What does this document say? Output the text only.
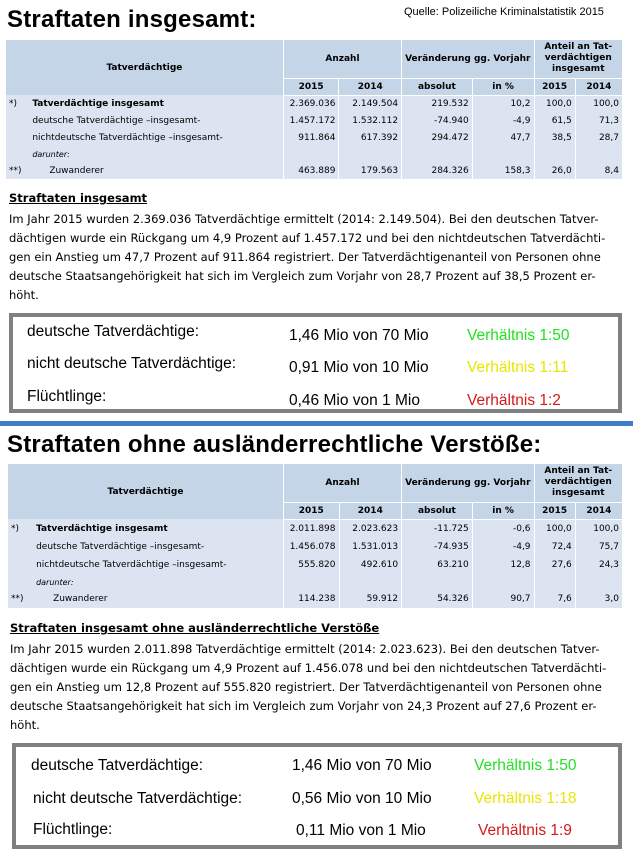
Straftaten insgesamt:	Quelle: Polizeiliche Kriminalstatistik 2015
Tatverdächtige		Anzahl		Veränderung gg. Vorjahr		Anteil an Tat-verdächtigen insgesamt	
		2015	2014	absolut	in %	2015	2014
*)	Tatverdächtige insgesamt	2.369.036	2.149.504	219.532	10,2	100,0	100,0
	deutsche Tatverdächtige –insgesamt-	1.457.172	1.532.112	-74.940	-4,9	61,5	71,3
	nichtdeutsche Tatverdächtige –insgesamt-	911.864	617.392	294.472	47,7	38,5	28,7
	darunter:						
**)	Zuwanderer	463.889	179.563	284.326	158,3	26,0	8,4
Straftaten insgesamt
Im Jahr 2015 wurden 2.369.036 Tatverdächtige ermittelt (2014: 2.149.504). Bei den deutschen Tatver-
dächtigen wurde ein Rückgang um 4,9 Prozent auf 1.457.172 und bei den nichtdeutschen Tatverdächti-
gen ein Anstieg um 47,7 Prozent auf 911.864 registriert. Der Tatverdächtigenanteil von Personen ohne
deutsche Staatsangehörigkeit hat sich im Vergleich zum Vorjahr von 28,7 Prozent auf 38,5 Prozent er-
höht.
deutsche Tatverdächtige:	1,46 Mio von 70 Mio Verhältnis 1:50
nicht deutsche Tatverdächtige:	0,91 Mio von 10 Mio Verhältnis 1:11
Flüchtlinge:	0,46 Mio von 1 Mio	Verhältnis 1:2
Straftaten ohne ausländerrechtliche Verstöße:
Tatverdächtige		Anzahl		Veränderung gg. Vorjahr		Anteil an Tat-verdächtigen insgesamt	
		2015	2014	absolut	in %	2015	2014
*)	Tatverdächtige insgesamt	2.011.898	2.023.623	-11.725	-0,6	100,0	100,0
	deutsche Tatverdächtige –insgesamt-	1.456.078	1.531.013	-74.935	-4,9	72,4	75,7
	nichtdeutsche Tatverdächtige –insgesamt-	555.820	492.610	63.210	12,8	27,6	24,3
	darunter:						
**)	Zuwanderer	114.238	59.912	54.326	90,7	7,6	3,0
Straftaten insgesamt ohne ausländerrechtliche Verstöße
Im Jahr 2015 wurden 2.011.898 Tatverdächtige ermittelt (2014: 2.023.623). Bei den deutschen Tatver-
dächtigen wurde ein Rückgang um 4,9 Prozent auf 1.456.078 und bei den nichtdeutschen Tatverdächti-
gen ein Anstieg um 12,8 Prozent auf 555.820 registriert. Der Tatverdächtigenanteil von Personen ohne
deutsche Staatsangehörigkeit hat sich im Vergleich zum Vorjahr von 24,3 Prozent auf 27,6 Prozent er-
höht.
deutsche Tatverdächtige:	1,46 Mio von 70 Mio	Verhältnis 1:50
nicht deutsche Tatverdächtige:	0,56 Mio von 10 Mio	Verhältnis 1:18
Flüchtlinge:	0,11 Mio von 1 Mio	Verhältnis 1:9
